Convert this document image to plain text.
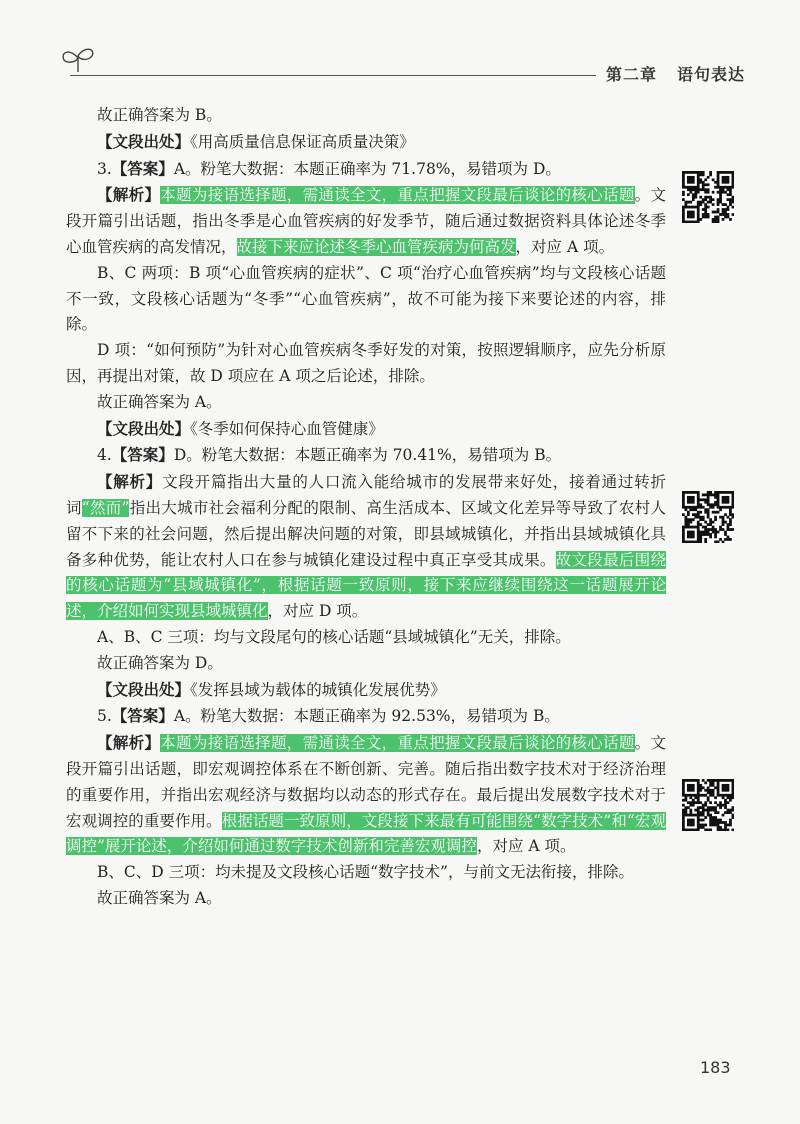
第二章 语句表达

故正确答案为 B。

【文段出处】《用高质量信息保证高质量决策》

3.【答案】A。粉笔大数据：本题正确率为 71.78%，易错项为 D。

【解析】本题为接语选择题，需通读全文，重点把握文段最后谈论的核心话题。文段开篇引出话题，指出冬季是心血管疾病的好发季节，随后通过数据资料具体论述冬季心血管疾病的高发情况，故接下来应论述冬季心血管疾病为何高发，对应 A 项。

B、C 两项：B 项“心血管疾病的症状”、C 项“治疗心血管疾病”均与文段核心话题不一致，文段核心话题为“冬季”“心血管疾病”，故不可能为接下来要论述的内容，排除。

D 项：“如何预防”为针对心血管疾病冬季好发的对策，按照逻辑顺序，应先分析原因，再提出对策，故 D 项应在 A 项之后论述，排除。

故正确答案为 A。

【文段出处】《冬季如何保持心血管健康》

4.【答案】D。粉笔大数据：本题正确率为 70.41%，易错项为 B。

【解析】文段开篇指出大量的人口流入能给城市的发展带来好处，接着通过转折词“然而”指出大城市社会福利分配的限制、高生活成本、区域文化差异等导致了农村人留不下来的社会问题，然后提出解决问题的对策，即县域城镇化，并指出县域城镇化具备多种优势，能让农村人口在参与城镇化建设过程中真正享受其成果。故文段最后围绕的核心话题为“县域城镇化”，根据话题一致原则，接下来应继续围绕这一话题展开论述，介绍如何实现县域城镇化，对应 D 项。

A、B、C 三项：均与文段尾句的核心话题“县域城镇化”无关，排除。

故正确答案为 D。

【文段出处】《发挥县域为载体的城镇化发展优势》

5.【答案】A。粉笔大数据：本题正确率为 92.53%，易错项为 B。

【解析】本题为接语选择题，需通读全文，重点把握文段最后谈论的核心话题。文段开篇引出话题，即宏观调控体系在不断创新、完善。随后指出数字技术对于经济治理的重要作用，并指出宏观经济与数据均以动态的形式存在。最后提出发展数字技术对于宏观调控的重要作用。根据话题一致原则，文段接下来最有可能围绕“数字技术”和“宏观调控”展开论述，介绍如何通过数字技术创新和完善宏观调控，对应 A 项。

B、C、D 三项：均未提及文段核心话题“数字技术”，与前文无法衔接，排除。

故正确答案为 A。

183
